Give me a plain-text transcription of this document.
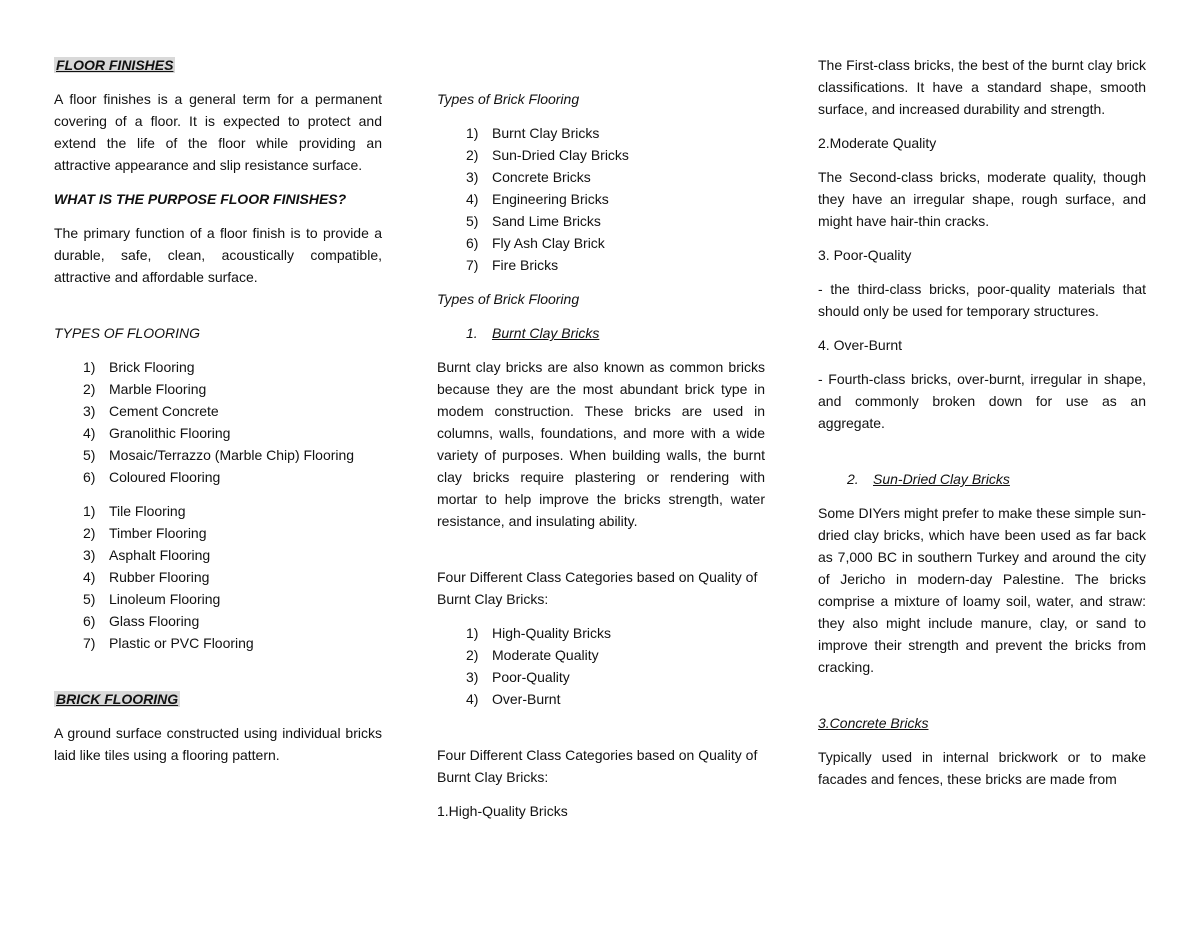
FLOOR FINISHES

A floor finishes is a general term for a permanent covering of a floor. It is expected to protect and extend the life of the floor while providing an attractive appearance and slip resistance surface.

WHAT IS THE PURPOSE FLOOR FINISHES?

The primary function of a floor finish is to provide a durable, safe, clean, acoustically compatible, attractive and affordable surface.

TYPES OF FLOORING

1) Brick Flooring
2) Marble Flooring
3) Cement Concrete
4) Granolithic Flooring
5) Mosaic/Terrazzo (Marble Chip) Flooring
6) Coloured Flooring
1) Tile Flooring
2) Timber Flooring
3) Asphalt Flooring
4) Rubber Flooring
5) Linoleum Flooring
6) Glass Flooring
7) Plastic or PVC Flooring

BRICK FLOORING

A ground surface constructed using individual bricks laid like tiles using a flooring pattern.

Types of Brick Flooring

1) Burnt Clay Bricks
2) Sun-Dried Clay Bricks
3) Concrete Bricks
4) Engineering Bricks
5) Sand Lime Bricks
6) Fly Ash Clay Brick
7) Fire Bricks

Types of Brick Flooring

1. Burnt Clay Bricks

Burnt clay bricks are also known as common bricks because they are the most abundant brick type in modem construction. These bricks are used in columns, walls, foundations, and more with a wide variety of purposes. When building walls, the burnt clay bricks require plastering or rendering with mortar to help improve the bricks strength, water resistance, and insulating ability.

Four Different Class Categories based on Quality of Burnt Clay Bricks:

1) High-Quality Bricks
2) Moderate Quality
3) Poor-Quality
4) Over-Burnt

Four Different Class Categories based on Quality of Burnt Clay Bricks:

1.High-Quality Bricks

The First-class bricks, the best of the burnt clay brick classifications. It have a standard shape, smooth surface, and increased durability and strength.

2.Moderate Quality

The Second-class bricks, moderate quality, though they have an irregular shape, rough surface, and might have hair-thin cracks.

3. Poor-Quality

- the third-class bricks, poor-quality materials that should only be used for temporary structures.

4. Over-Burnt

- Fourth-class bricks, over-burnt, irregular in shape, and commonly broken down for use as an aggregate.

2. Sun-Dried Clay Bricks

Some DIYers might prefer to make these simple sun-dried clay bricks, which have been used as far back as 7,000 BC in southern Turkey and around the city of Jericho in modern-day Palestine. The bricks comprise a mixture of loamy soil, water, and straw: they also might include manure, clay, or sand to improve their strength and prevent the bricks from cracking.

3.Concrete Bricks

Typically used in internal brickwork or to make facades and fences, these bricks are made from
